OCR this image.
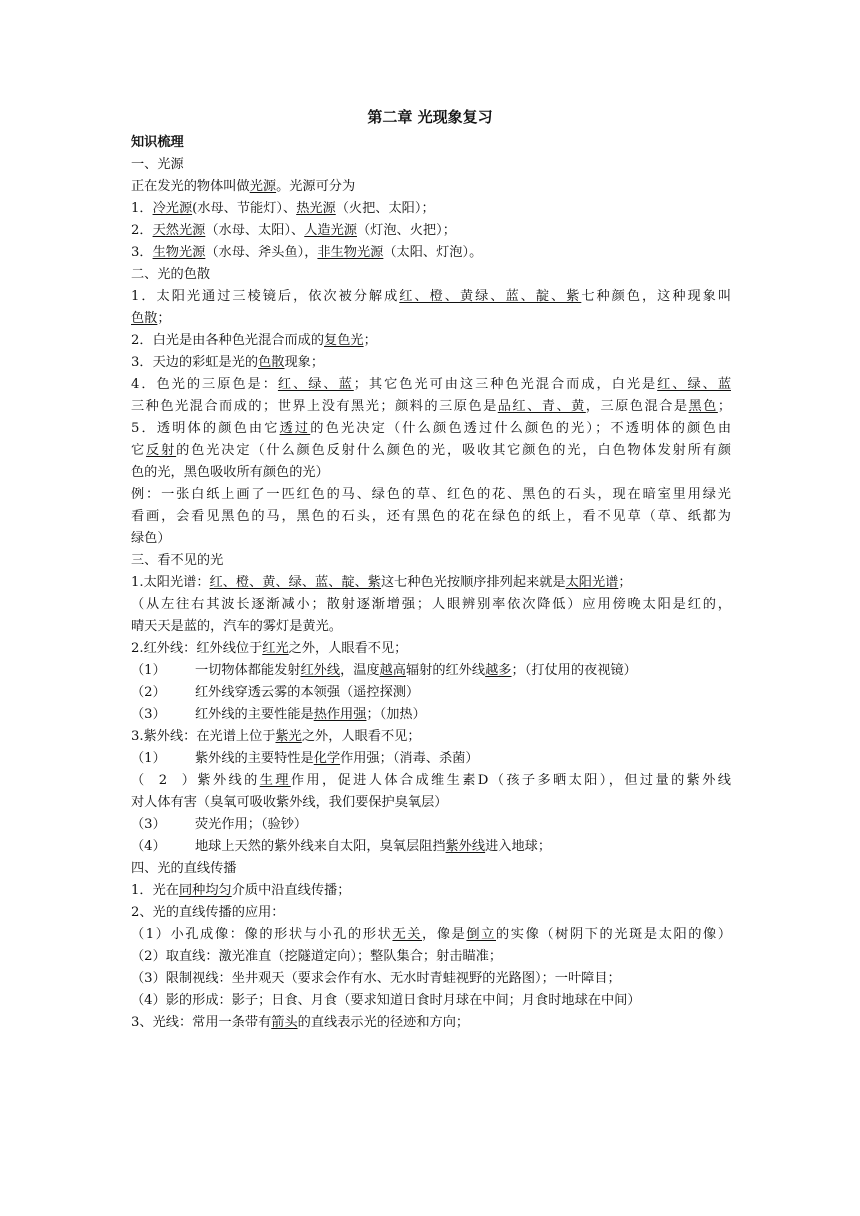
第二章 光现象复习
知识梳理
一、光源
正在发光的物体叫做光源。光源可分为
1．冷光源(水母、节能灯）、热光源（火把、太阳）；
2．天然光源（水母、太阳）、人造光源（灯泡、火把）；
3．生物光源（水母、斧头鱼），非生物光源（太阳、灯泡）。
二、光的色散
1．太阳光通过三棱镜后，依次被分解成红、橙、黄绿、蓝、靛、紫七种颜色，这种现象叫
色散；
2．白光是由各种色光混合而成的复色光；
3．天边的彩虹是光的色散现象；
4．色光的三原色是：红、绿、蓝；其它色光可由这三种色光混合而成，白光是红、绿、蓝
三种色光混合而成的；世界上没有黑光；颜料的三原色是品红、青、黄，三原色混合是黑色；
5．透明体的颜色由它透过的色光决定（什么颜色透过什么颜色的光）；不透明体的颜色由
它反射的色光决定（什么颜色反射什么颜色的光，吸收其它颜色的光，白色物体发射所有颜
色的光，黑色吸收所有颜色的光）
例：一张白纸上画了一匹红色的马、绿色的草、红色的花、黑色的石头，现在暗室里用绿光
看画，会看见黑色的马，黑色的石头，还有黑色的花在绿色的纸上，看不见草（草、纸都为
绿色）
三、看不见的光
1.太阳光谱：红、橙、黄、绿、蓝、靛、紫这七种色光按顺序排列起来就是太阳光谱；
（从左往右其波长逐渐减小；散射逐渐增强；人眼辨别率依次降低）应用傍晚太阳是红的，
晴天天是蓝的，汽车的雾灯是黄光。
2.红外线：红外线位于红光之外，人眼看不见；
（1） 一切物体都能发射红外线，温度越高辐射的红外线越多；（打仗用的夜视镜）
（2） 红外线穿透云雾的本领强（遥控探测）
（3） 红外线的主要性能是热作用强；（加热）
3.紫外线：在光谱上位于紫光之外，人眼看不见；
（1） 紫外线的主要特性是化学作用强；（消毒、杀菌）
（2）紫外线的生理作用，促进人体合成维生素D（孩子多晒太阳），但过量的紫外线
对人体有害（臭氧可吸收紫外线，我们要保护臭氧层）
（3） 荧光作用；（验钞）
（4） 地球上天然的紫外线来自太阳，臭氧层阻挡紫外线进入地球；
四、光的直线传播
1．光在同种均匀介质中沿直线传播；
2、光的直线传播的应用：
（1）小孔成像：像的形状与小孔的形状无关，像是倒立的实像（树阴下的光斑是太阳的像）
（2）取直线：激光准直（挖隧道定向）；整队集合；射击瞄准；
（3）限制视线：坐井观天（要求会作有水、无水时青蛙视野的光路图）；一叶障目；
（4）影的形成：影子；日食、月食（要求知道日食时月球在中间；月食时地球在中间）
3、光线：常用一条带有箭头的直线表示光的径迹和方向；
